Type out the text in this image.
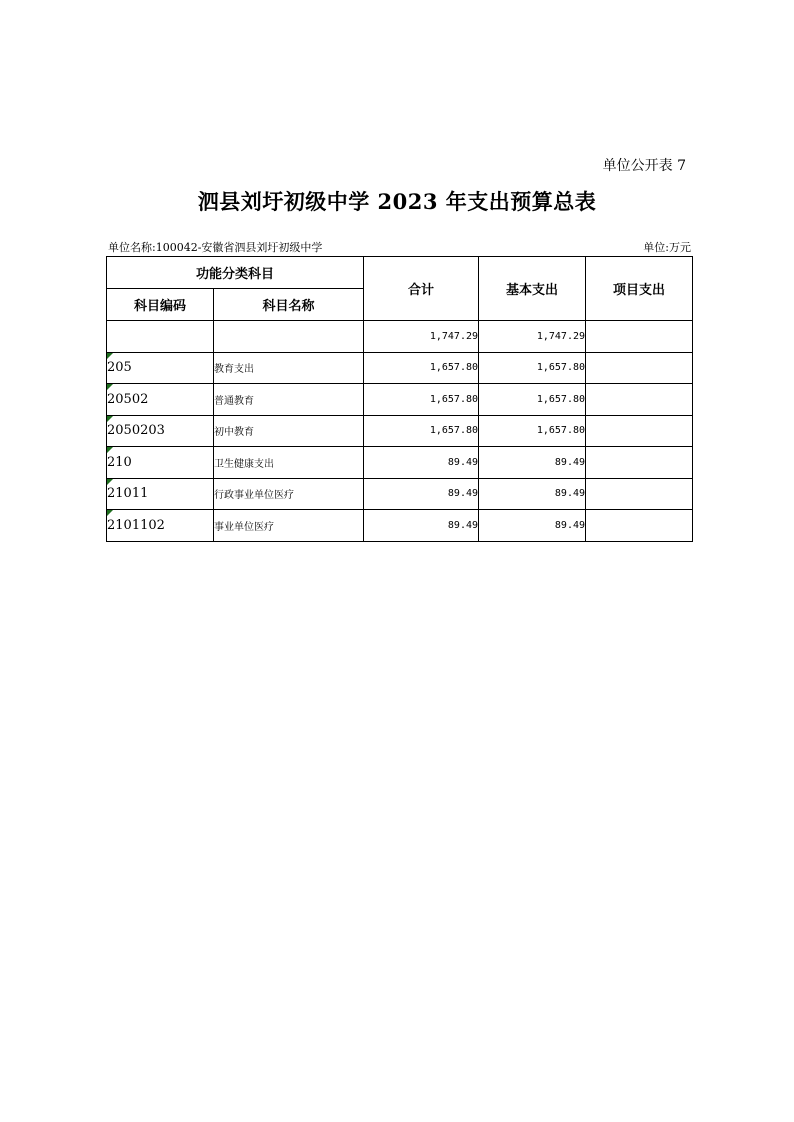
单位公开表 7
泗县刘圩初级中学 2023 年支出预算总表
单位名称:100042-安徽省泗县刘圩初级中学	单位:万元
功能分类科目		合计	基本支出	项目支出
科目编码	科目名称			
		1,747.29	1,747.29	

205	教育支出	1,657.80	1,657.80	

20502	普通教育	1,657.80	1,657.80	

2050203	初中教育	1,657.80	1,657.80	

210	卫生健康支出	89.49	89.49	

21011	行政事业单位医疗	89.49	89.49	

2101102	事业单位医疗	89.49	89.49	
